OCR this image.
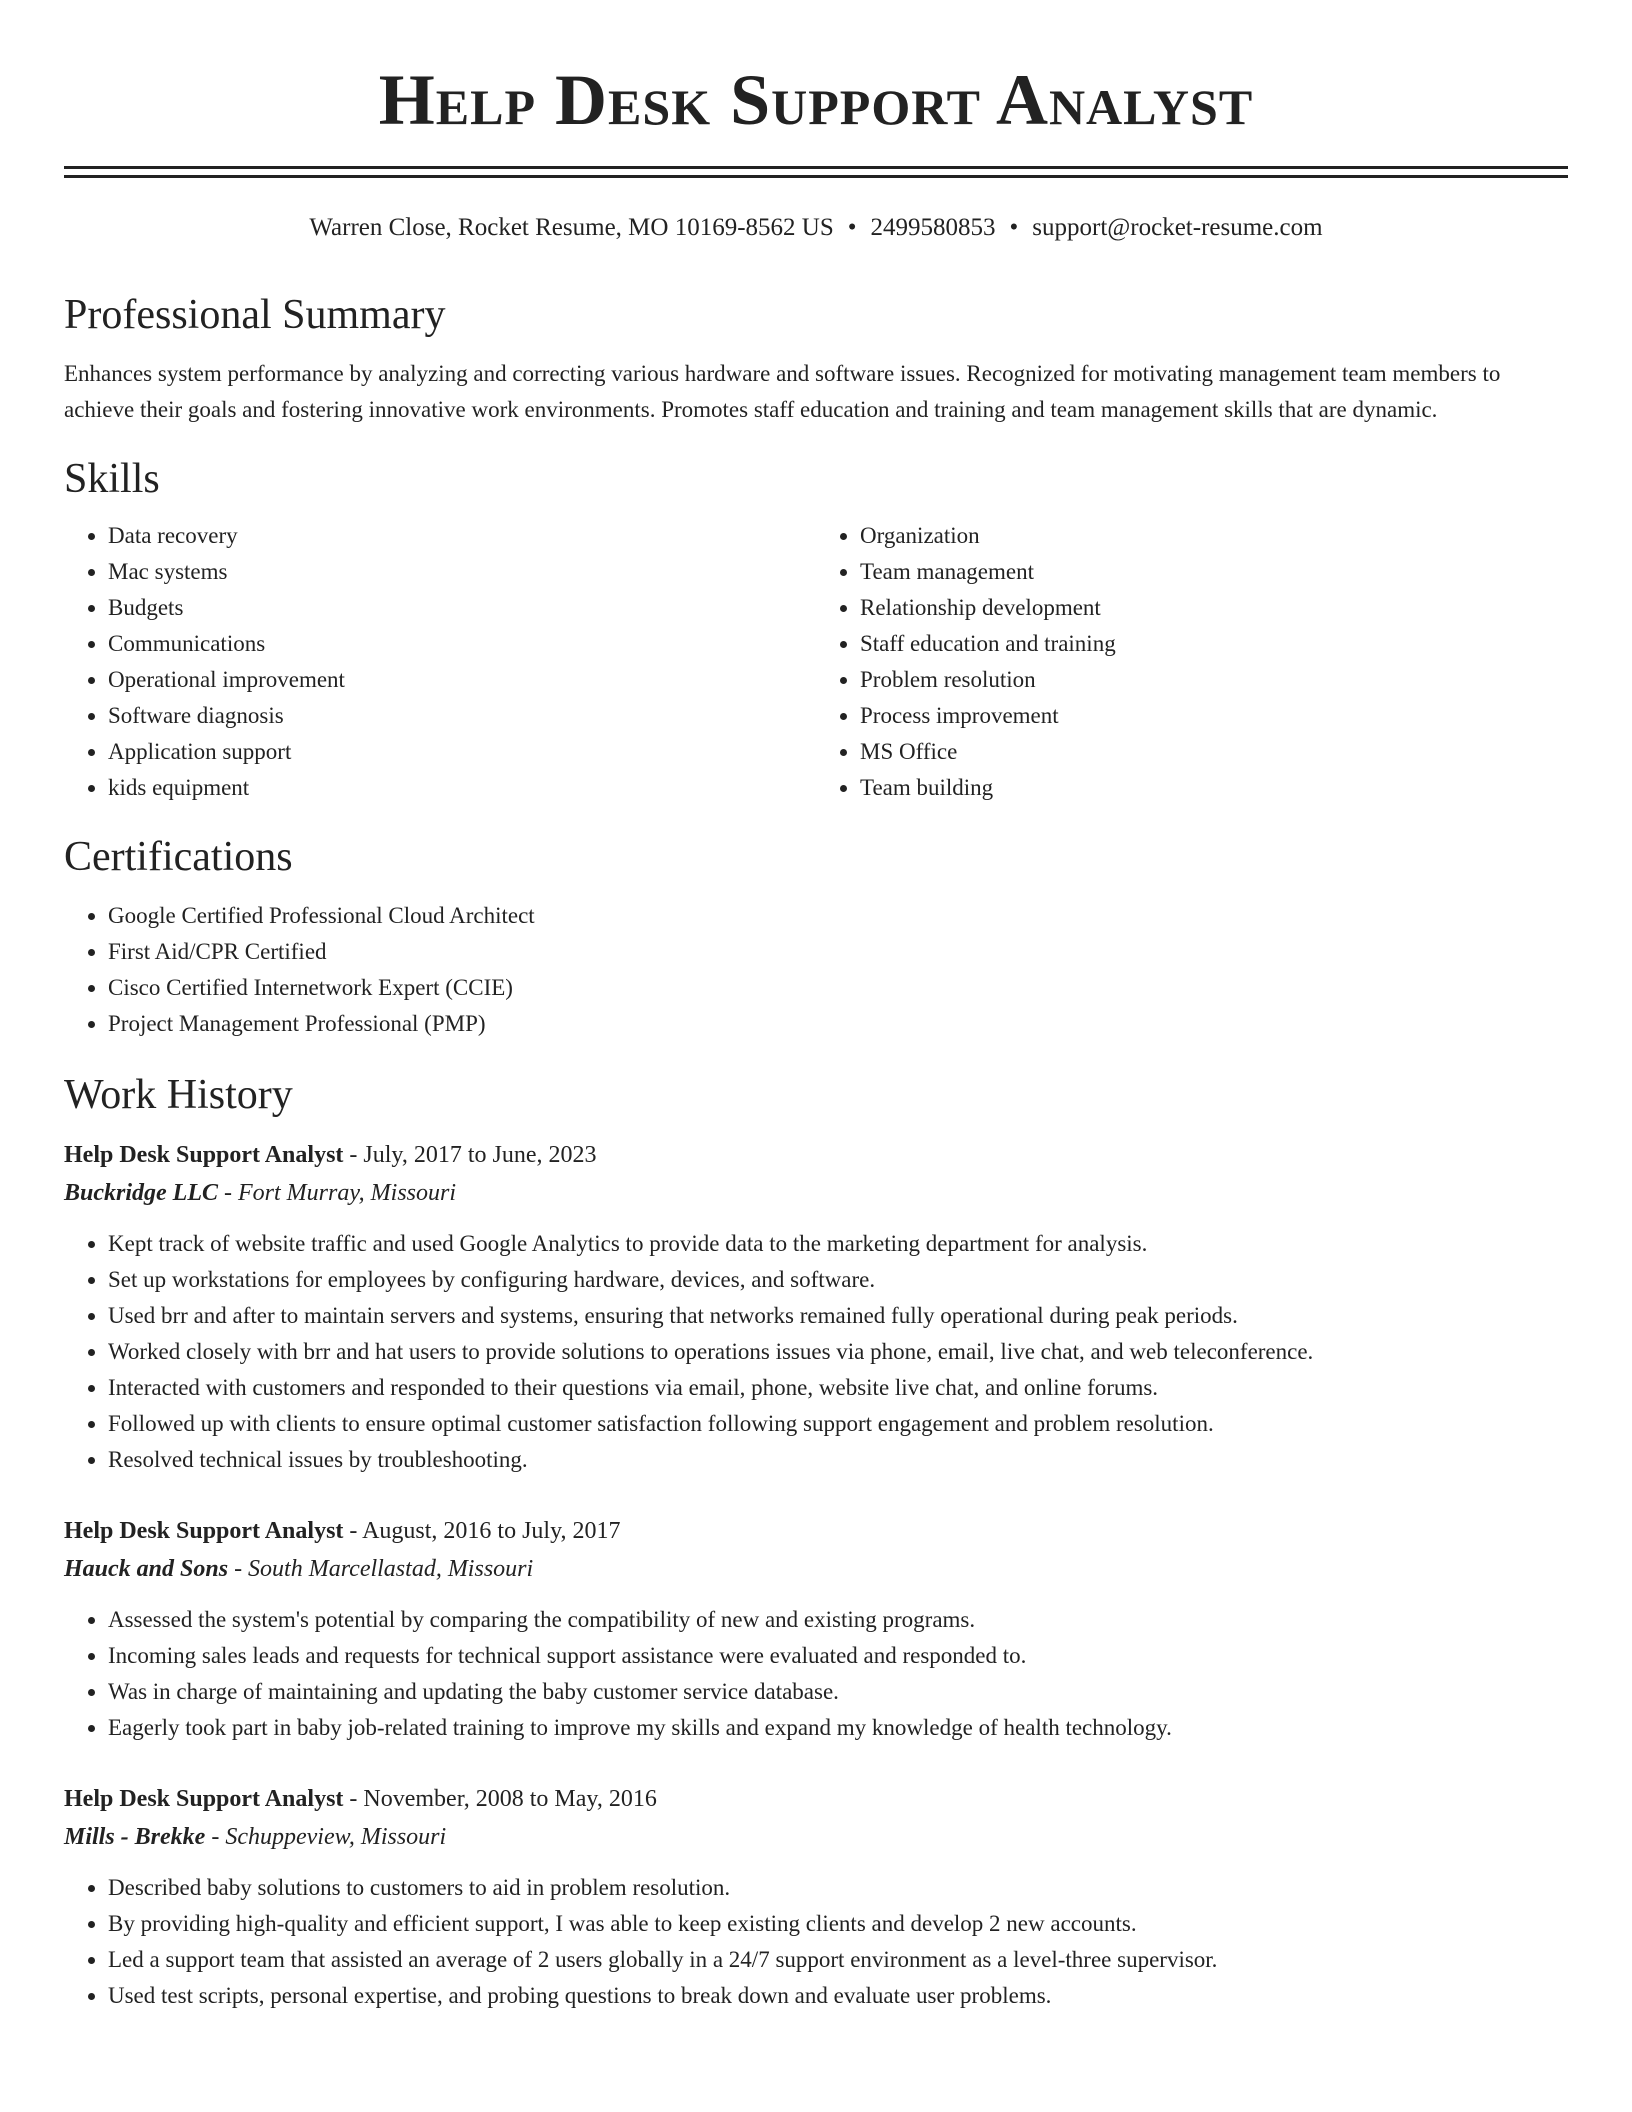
Help Desk Support Analyst
Warren Close, Rocket Resume, MO 10169-8562 US • 2499580853 • support@rocket-resume.com
Professional Summary

Enhances system performance by analyzing and correcting various hardware and software issues. Recognized for motivating management team members to achieve their goals and fostering innovative work environments. Promotes staff education and training and team management skills that are dynamic.

Skills
• Data recovery
• Mac systems
• Budgets
• Communications
• Operational improvement
• Software diagnosis
• Application support
• kids equipment
• Organization
• Team management
• Relationship development
• Staff education and training
• Problem resolution
• Process improvement
• MS Office
• Team building
Certifications
• Google Certified Professional Cloud Architect
• First Aid/CPR Certified
• Cisco Certified Internetwork Expert (CCIE)
• Project Management Professional (PMP)
Work History
Help Desk Support Analyst - July, 2017 to June, 2023
Buckridge LLC - Fort Murray, Missouri
• Kept track of website traffic and used Google Analytics to provide data to the marketing department for analysis.
• Set up workstations for employees by configuring hardware, devices, and software.
• Used brr and after to maintain servers and systems, ensuring that networks remained fully operational during peak periods.
• Worked closely with brr and hat users to provide solutions to operations issues via phone, email, live chat, and web teleconference.
• Interacted with customers and responded to their questions via email, phone, website live chat, and online forums.
• Followed up with clients to ensure optimal customer satisfaction following support engagement and problem resolution.
• Resolved technical issues by troubleshooting.
Help Desk Support Analyst - August, 2016 to July, 2017
Hauck and Sons - South Marcellastad, Missouri
• Assessed the system's potential by comparing the compatibility of new and existing programs.
• Incoming sales leads and requests for technical support assistance were evaluated and responded to.
• Was in charge of maintaining and updating the baby customer service database.
• Eagerly took part in baby job-related training to improve my skills and expand my knowledge of health technology.
Help Desk Support Analyst - November, 2008 to May, 2016
Mills - Brekke - Schuppeview, Missouri
• Described baby solutions to customers to aid in problem resolution.
• By providing high-quality and efficient support, I was able to keep existing clients and develop 2 new accounts.
• Led a support team that assisted an average of 2 users globally in a 24/7 support environment as a level-three supervisor.
• Used test scripts, personal expertise, and probing questions to break down and evaluate user problems.
